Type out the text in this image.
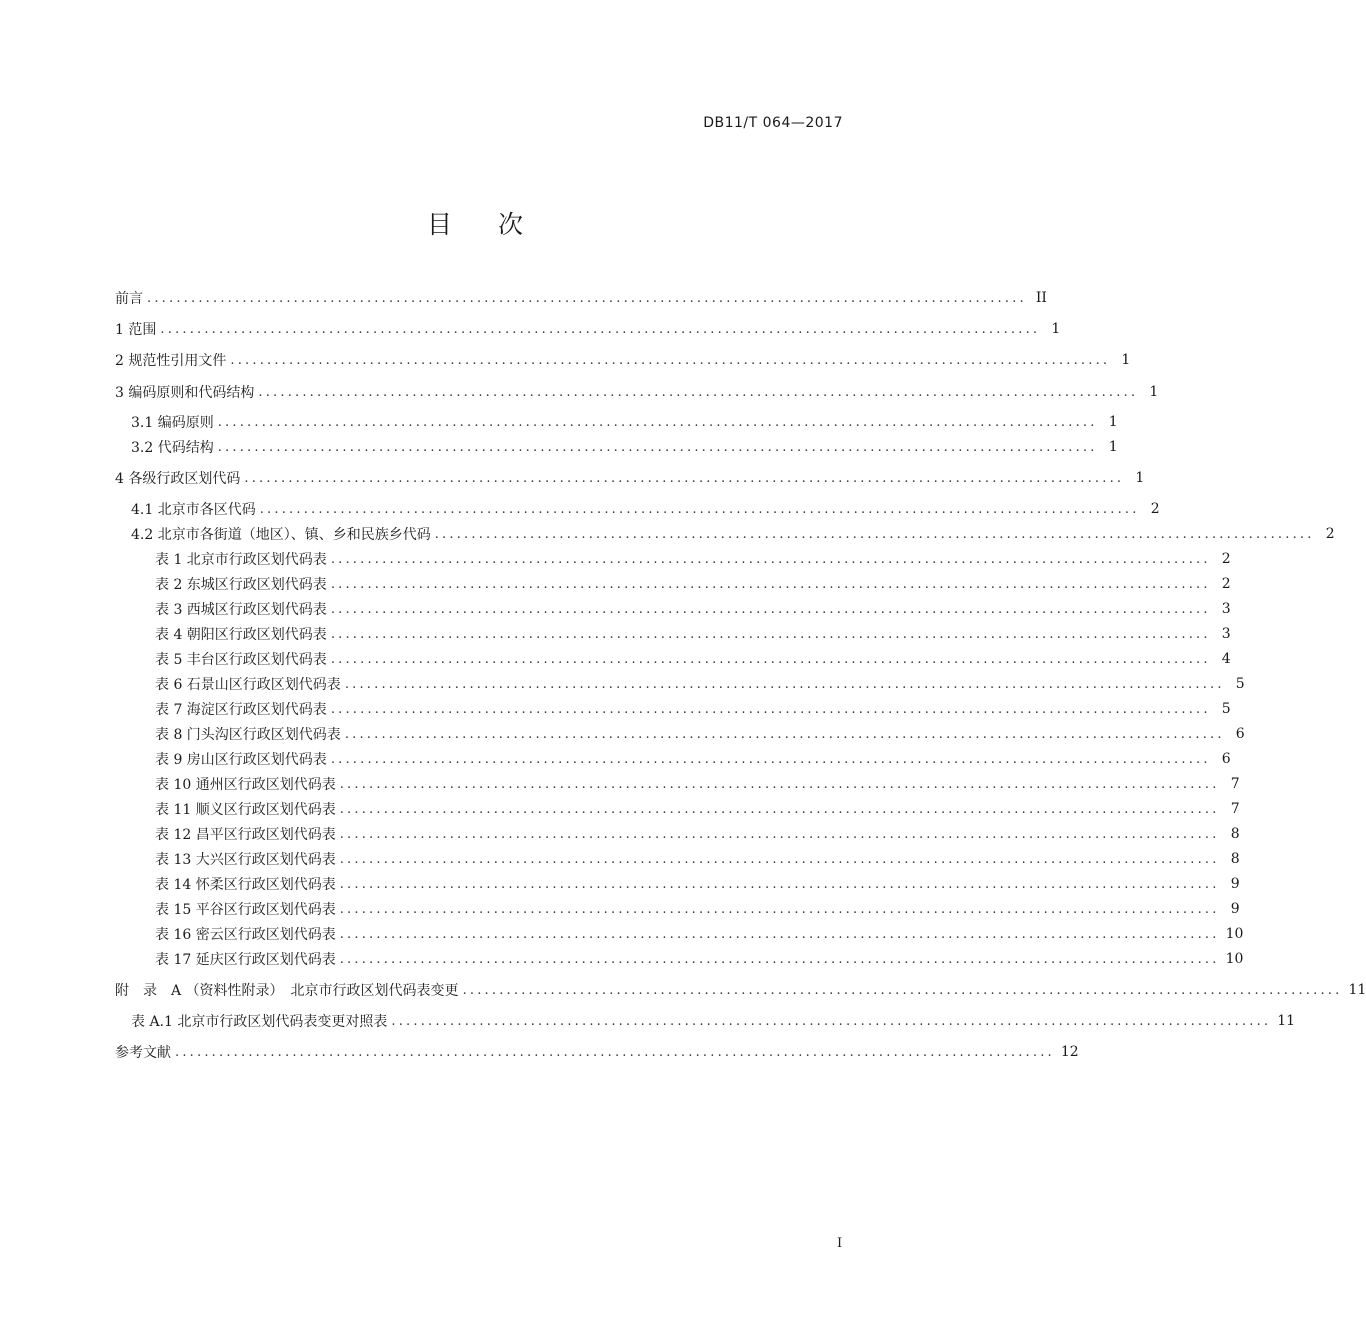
DB11/T 064—2017
目 次
前言 ........................................................................................................................ II
1 范围 ........................................................................................................................ 1
2 规范性引用文件 ........................................................................................................................ 1
3 编码原则和代码结构 ........................................................................................................................ 1
3.1 编码原则 ........................................................................................................................ 1
3.2 代码结构 ........................................................................................................................ 1
4 各级行政区划代码 ........................................................................................................................ 1
4.1 北京市各区代码 ........................................................................................................................ 2
4.2 北京市各街道（地区）、镇、乡和民族乡代码 ........................................................................................................................ 2
表 1 北京市行政区划代码表 ........................................................................................................................ 2
表 2 东城区行政区划代码表 ........................................................................................................................ 2
表 3 西城区行政区划代码表 ........................................................................................................................ 3
表 4 朝阳区行政区划代码表 ........................................................................................................................ 3
表 5 丰台区行政区划代码表 ........................................................................................................................ 4
表 6 石景山区行政区划代码表 ........................................................................................................................ 5
表 7 海淀区行政区划代码表 ........................................................................................................................ 5
表 8 门头沟区行政区划代码表 ........................................................................................................................ 6
表 9 房山区行政区划代码表 ........................................................................................................................ 6
表 10 通州区行政区划代码表 ........................................................................................................................ 7
表 11 顺义区行政区划代码表 ........................................................................................................................ 7
表 12 昌平区行政区划代码表 ........................................................................................................................ 8
表 13 大兴区行政区划代码表 ........................................................................................................................ 8
表 14 怀柔区行政区划代码表 ........................................................................................................................ 9
表 15 平谷区行政区划代码表 ........................................................................................................................ 9
表 16 密云区行政区划代码表 ........................................................................................................................ 10
表 17 延庆区行政区划代码表 ........................................................................................................................ 10
附　录　A （资料性附录）　北京市行政区划代码表变更 ........................................................................................................................ 11
表 A.1 北京市行政区划代码表变更对照表 ........................................................................................................................ 11
参考文献 ........................................................................................................................ 12
I
